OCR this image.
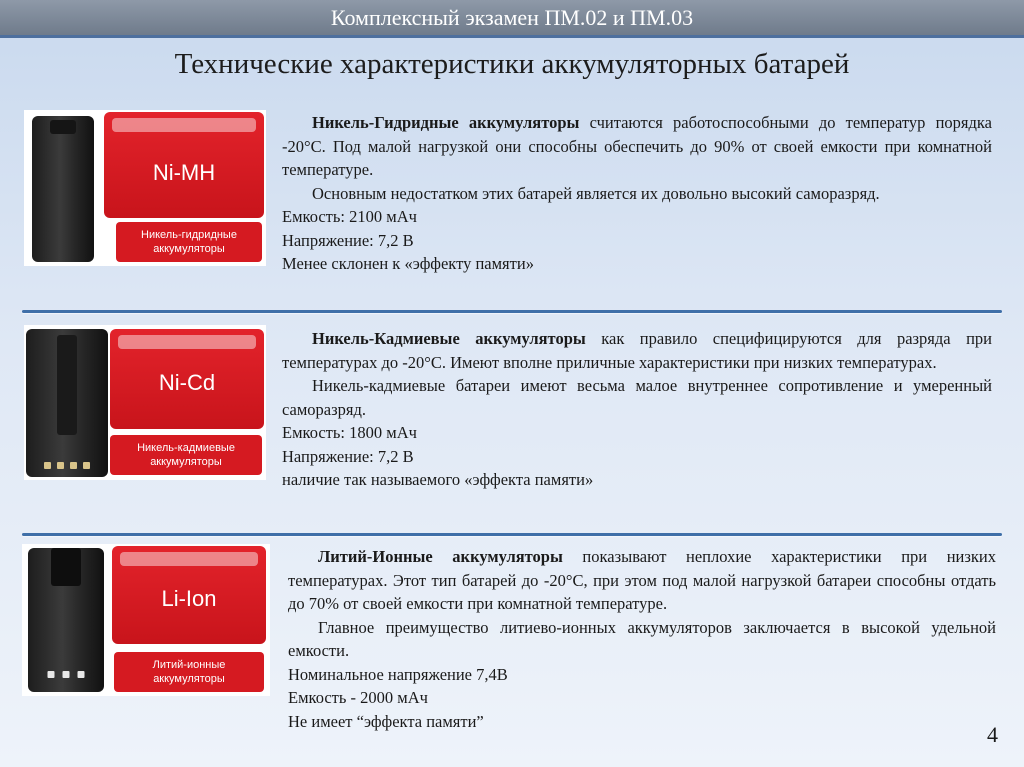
Комплексный экзамен ПМ.02 и ПМ.03
Технические характеристики аккумуляторных батарей
Ni-MH
Никель-гидридные аккумуляторы

Никель-Гидридные аккумуляторы считаются работоспособными до температур порядка -20°С. Под малой нагрузкой они способны обеспечить до 90% от своей емкости при комнатной температуре.

Основным недостатком этих батарей является их довольно высокий саморазряд.

Емкость: 2100 мАч

Напряжение: 7,2 В

Менее склонен к «эффекту памяти»

Ni-Cd
Никель-кадмиевые аккумуляторы

Никель-Кадмиевые аккумуляторы как правило специфицируются для разряда при температурах до -20°С. Имеют вполне приличные характеристики при низких температурах.

Никель-кадмиевые батареи имеют весьма малое внутреннее сопротивление и умеренный саморазряд.

Емкость: 1800 мАч

Напряжение: 7,2 В

наличие так называемого «эффекта памяти»

Li-Ion
Литий-ионные аккумуляторы

Литий-Ионные аккумуляторы показывают неплохие характеристики при низких температурах. Этот тип батарей до -20°С, при этом под малой нагрузкой батареи способны отдать до 70% от своей емкости при комнатной температуре.

Главное преимущество литиево-ионных аккумуляторов заключается в высокой удельной емкости.

Номинальное напряжение 7,4В

Емкость - 2000 мАч

Не имеет “эффекта памяти”

4
